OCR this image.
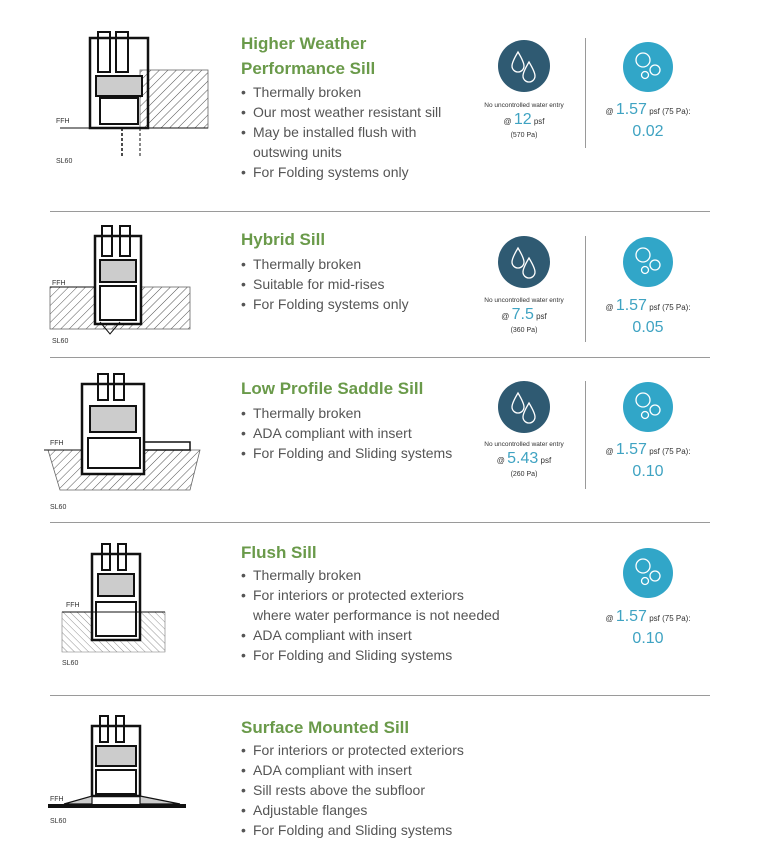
FFH
SL60
Higher Weather
Performance Sill
• Thermally broken
• Our most weather resistant sill
• May be installed flush with
outswing units
• For Folding systems only
No uncontrolled water entry
@ 12 psf
(570 Pa)
@ 1.57 psf (75 Pa):
0.02
FFH
SL60
Hybrid Sill
• Thermally broken
• Suitable for mid-rises
• For Folding systems only	No uncontrolled water entry
@ 7.5 psf
(360 Pa)
@ 1.57 psf (75 Pa):
0.05
FFH
SL60
Low Profile Saddle Sill
• Thermally broken
• ADA compliant with insert
• For Folding and Sliding systems
No uncontrolled water entry
@ 5.43 psf
(260 Pa)
@ 1.57 psf (75 Pa):
0.10
FFH
SL60
Flush Sill
• Thermally broken
• For interiors or protected exteriors
where water performance is not needed
• ADA compliant with insert
• For Folding and Sliding systems
@ 1.57 psf (75 Pa):
0.10
FFH
SL60
Surface Mounted Sill
• For interiors or protected exteriors
• ADA compliant with insert
• Sill rests above the subfloor
• Adjustable flanges
• For Folding and Sliding systems
